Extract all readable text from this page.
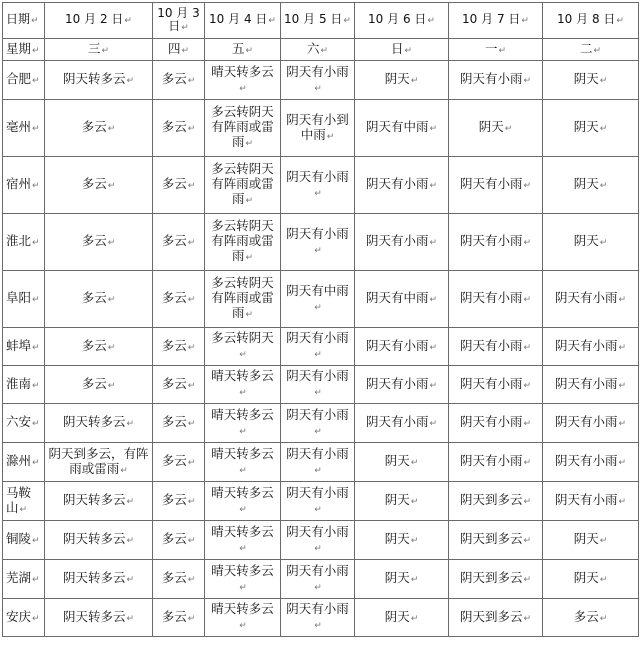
日期↵	10 月 2 日↵	10 月 3 日↵	10 月 4 日↵	10 月 5 日↵	10 月 6 日↵	10 月 7 日↵	10 月 8 日↵
星期↵	三↵	四↵	五↵	六↵	日↵	一↵	二↵
合肥↵	阴天转多云↵	多云↵	晴天转多云↵	阴天有小雨↵	阴天↵	阴天有小雨↵	阴天↵
亳州↵	多云↵	多云↵	多云转阴天有阵雨或雷雨↵	阴天有小到中雨↵	阴天有中雨↵	阴天↵	阴天↵
宿州↵	多云↵	多云↵	多云转阴天有阵雨或雷雨↵	阴天有小雨↵	阴天有小雨↵	阴天有小雨↵	阴天↵
淮北↵	多云↵	多云↵	多云转阴天有阵雨或雷雨↵	阴天有小雨↵	阴天有小雨↵	阴天有小雨↵	阴天↵
阜阳↵	多云↵	多云↵	多云转阴天有阵雨或雷雨↵	阴天有中雨↵	阴天有中雨↵	阴天有小雨↵	阴天有小雨↵
蚌埠↵	多云↵	多云↵	多云转阴天↵	阴天有小雨↵	阴天有小雨↵	阴天有小雨↵	阴天有小雨↵
淮南↵	多云↵	多云↵	晴天转多云↵	阴天有小雨↵	阴天有小雨↵	阴天有小雨↵	阴天有小雨↵
六安↵	阴天转多云↵	多云↵	晴天转多云↵	阴天有小雨↵	阴天有小雨↵	阴天有小雨↵	阴天有小雨↵
滁州↵	阴天到多云，有阵雨或雷雨↵	多云↵	晴天转多云↵	阴天有小雨↵	阴天↵	阴天有小雨↵	阴天有小雨↵
马鞍山↵	阴天转多云↵	多云↵	晴天转多云↵	阴天有小雨↵	阴天↵	阴天到多云↵	阴天有小雨↵
铜陵↵	阴天转多云↵	多云↵	晴天转多云↵	阴天有小雨↵	阴天↵	阴天到多云↵	阴天↵
芜湖↵	阴天转多云↵	多云↵	晴天转多云↵	阴天有小雨↵	阴天↵	阴天到多云↵	阴天↵
安庆↵	阴天转多云↵	多云↵	晴天转多云↵	阴天有小雨↵	阴天↵	阴天到多云↵	多云↵
